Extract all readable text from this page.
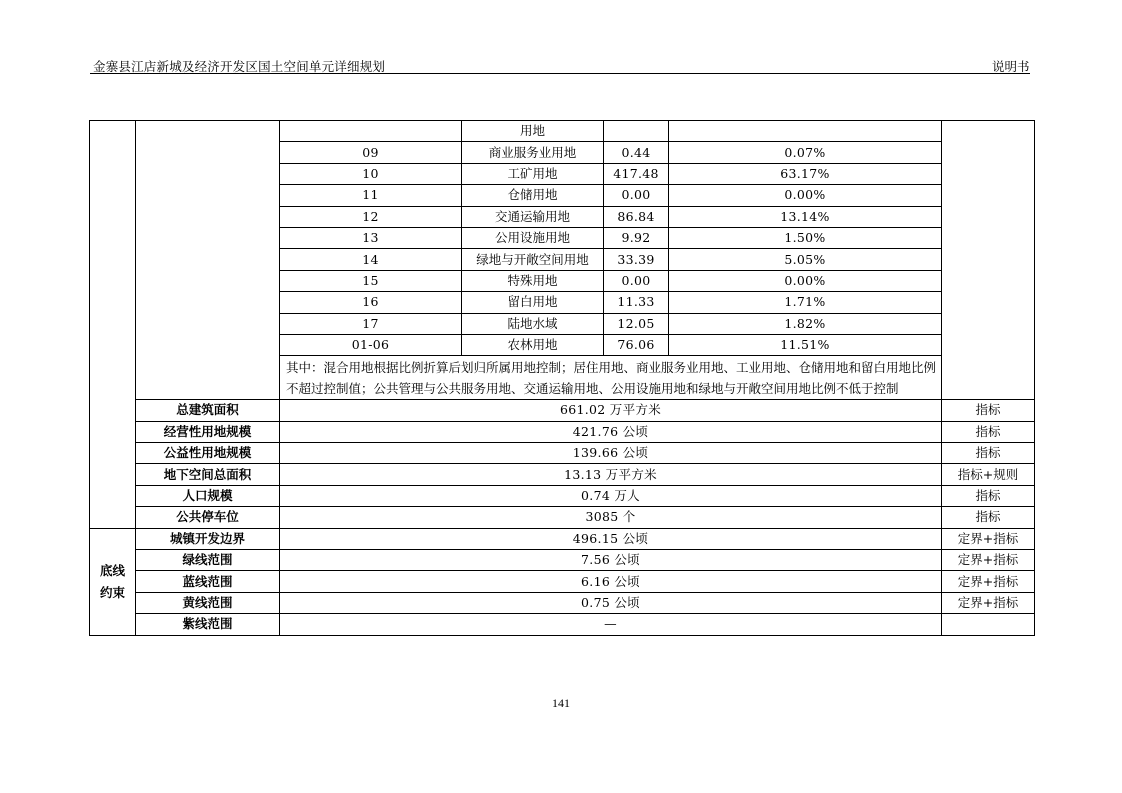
金寨县江店新城及经济开发区国土空间单元详细规划	说明书
			用地			
		09	商业服务业用地	0.44	0.07%	
		10	工矿用地	417.48	63.17%	
		11	仓储用地	0.00	0.00%	
		12	交通运输用地	86.84	13.14%	
		13	公用设施用地	9.92	1.50%	
		14	绿地与开敞空间用地	33.39	5.05%	
		15	特殊用地	0.00	0.00%	
		16	留白用地	11.33	1.71%	
		17	陆地水域	12.05	1.82%	
		01-06	农林用地	76.06	11.51%	
		其中：混合用地根据比例折算后划归所属用地控制；居住用地、商业服务业用地、工业用地、仓储用地和留白用地比例不超过控制值；公共管理与公共服务用地、交通运输用地、公用设施用地和绿地与开敞空间用地比例不低于控制				
	总建筑面积	661.02 万平方米				指标
	经营性用地规模	421.76 公顷				指标
	公益性用地规模	139.66 公顷				指标
	地下空间总面积	13.13 万平方米				指标+规则
	人口规模	0.74 万人				指标
	公共停车位	3085 个				指标

底线
约束	城镇开发边界	496.15 公顷				定界+指标
	绿线范围	7.56 公顷				定界+指标
	蓝线范围	6.16 公顷				定界+指标
	黄线范围	0.75 公顷				定界+指标
	紫线范围	—				
141
